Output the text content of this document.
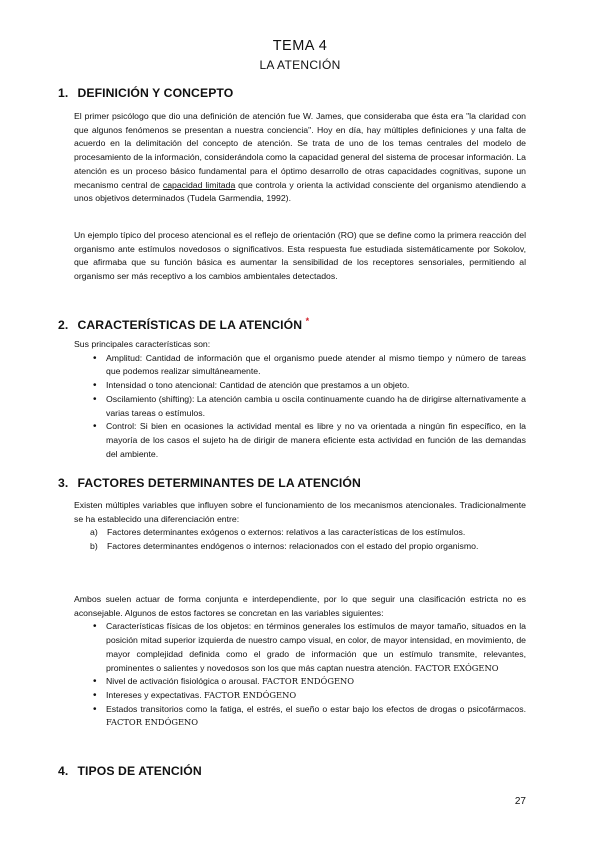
TEMA 4
LA ATENCIÓN
1. DEFINICIÓN Y CONCEPTO

El primer psicólogo que dio una definición de atención fue W. James, que consideraba que ésta era "la claridad con que algunos fenómenos se presentan a nuestra conciencia". Hoy en día, hay múltiples definiciones y una falta de acuerdo en la delimitación del concepto de atención. Se trata de uno de los temas centrales del modelo de procesamiento de la información, considerándola como la capacidad general del sistema de procesar información. La atención es un proceso básico fundamental para el óptimo desarrollo de otras capacidades cognitivas, supone un mecanismo central de capacidad limitada que controla y orienta la actividad consciente del organismo atendiendo a unos objetivos determinados (Tudela Garmendia, 1992).

Un ejemplo típico del proceso atencional es el reflejo de orientación (RO) que se define como la primera reacción del organismo ante estímulos novedosos o significativos. Esta respuesta fue estudiada sistemáticamente por Sokolov, que afirmaba que su función básica es aumentar la sensibilidad de los receptores sensoriales, permitiendo al organismo ser más receptivo a los cambios ambientales detectados.

2. CARACTERÍSTICAS DE LA ATENCIÓN *

Sus principales características son:

• Amplitud: Cantidad de información que el organismo puede atender al mismo tiempo y número de tareas que podemos realizar simultáneamente.
• Intensidad o tono atencional: Cantidad de atención que prestamos a un objeto.
• Oscilamiento (shifting): La atención cambia u oscila continuamente cuando ha de dirigirse alternativamente a varias tareas o estímulos.
• Control: Si bien en ocasiones la actividad mental es libre y no va orientada a ningún fin específico, en la mayoría de los casos el sujeto ha de dirigir de manera eficiente esta actividad en función de las demandas del ambiente.
3. FACTORES DETERMINANTES DE LA ATENCIÓN

Existen múltiples variables que influyen sobre el funcionamiento de los mecanismos atencionales. Tradicionalmente se ha establecido una diferenciación entre:

a) Factores determinantes exógenos o externos: relativos a las características de los estímulos.
b) Factores determinantes endógenos o internos: relacionados con el estado del propio organismo.

Ambos suelen actuar de forma conjunta e interdependiente, por lo que seguir una clasificación estricta no es aconsejable. Algunos de estos factores se concretan en las variables siguientes:

• Características físicas de los objetos: en términos generales los estímulos de mayor tamaño, situados en la posición mitad superior izquierda de nuestro campo visual, en color, de mayor intensidad, en movimiento, de mayor complejidad definida como el grado de información que un estímulo transmite, relevantes, prominentes o salientes y novedosos son los que más captan nuestra atención. FACTOR EXÓGENO
• Nivel de activación fisiológica o arousal. FACTOR ENDÓGENO
• Intereses y expectativas. FACTOR ENDÓGENO
• Estados transitorios como la fatiga, el estrés, el sueño o estar bajo los efectos de drogas o psicofármacos. FACTOR ENDÓGENO
4. TIPOS DE ATENCIÓN
27
